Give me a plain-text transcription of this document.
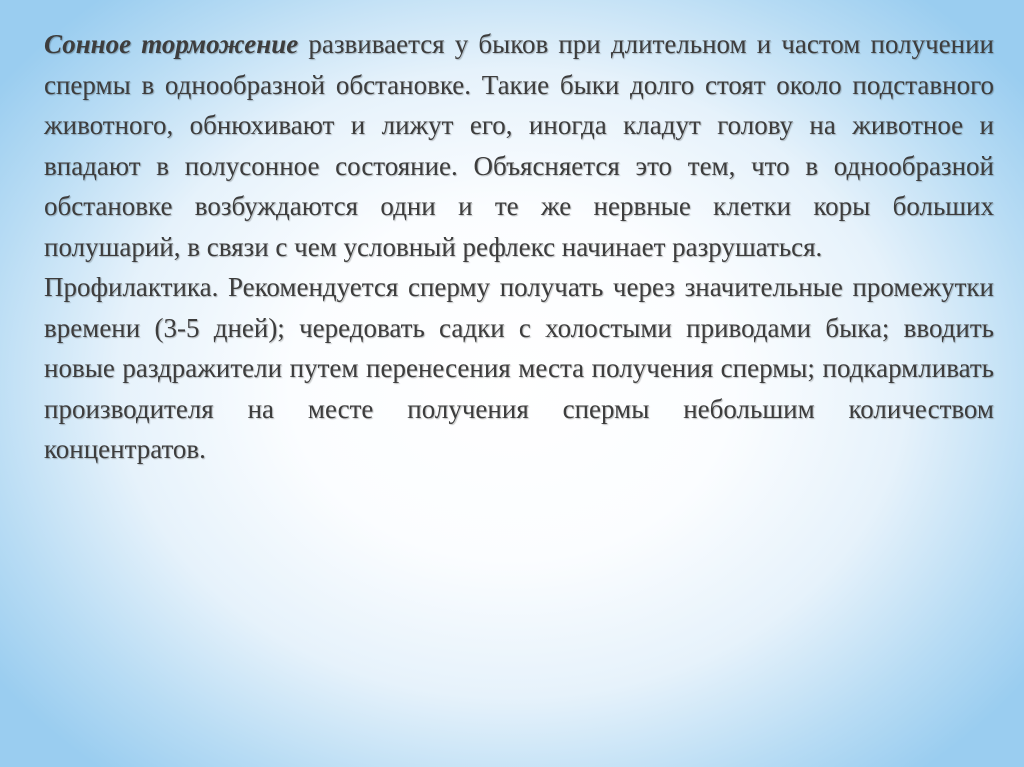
Сонное торможение развивается у быков при длительном и частом получении спермы в однообразной обстановке. Такие быки долго стоят около подставного животного, обнюхивают и лижут его, иногда кладут голову на животное и впадают в полусонное состояние. Объясняется это тем, что в однообразной обстановке возбуждаются одни и те же нервные клетки коры больших полушарий, в связи с чем условный рефлекс начинает разрушаться.

Профилактика. Рекомендуется сперму получать через значительные промежутки времени (3-5 дней); чередовать садки с холостыми приводами быка; вводить новые раздражители путем перенесения места получения спермы; подкармливать производителя на месте получения спермы небольшим количеством концентратов.
